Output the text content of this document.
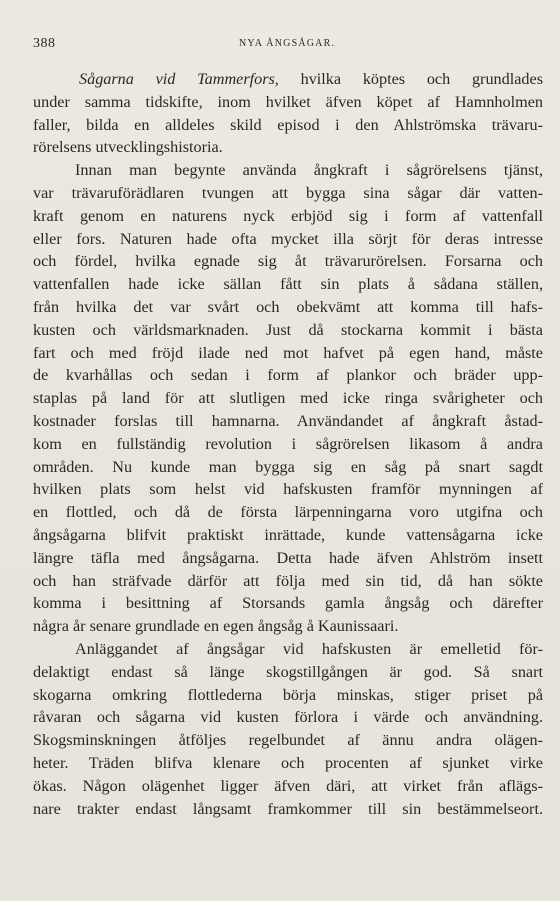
388	NYA ÅNGSÅGAR.
Sågarna vid Tammerfors, hvilka köptes och grundlades
under samma tidskifte, inom hvilket äfven köpet af Hamnholmen
faller, bilda en alldeles skild episod i den Ahlströmska trävaru-
rörelsens utvecklingshistoria.
Innan man begynte använda ångkraft i sågrörelsens tjänst,
var trävaruförädlaren tvungen att bygga sina sågar där vatten-
kraft genom en naturens nyck erbjöd sig i form af vattenfall
eller fors. Naturen hade ofta mycket illa sörjt för deras intresse
och fördel, hvilka egnade sig åt trävarurörelsen. Forsarna och
vattenfallen hade icke sällan fått sin plats å sådana ställen,
från hvilka det var svårt och obekvämt att komma till hafs-
kusten och världsmarknaden. Just då stockarna kommit i bästa
fart och med fröjd ilade ned mot hafvet på egen hand, måste
de kvarhållas och sedan i form af plankor och bräder upp-
staplas på land för att slutligen med icke ringa svårigheter och
kostnader forslas till hamnarna. Användandet af ångkraft åstad-
kom en fullständig revolution i sågrörelsen likasom å andra
områden. Nu kunde man bygga sig en såg på snart sagdt
hvilken plats som helst vid hafskusten framför mynningen af
en flottled, och då de första lärpenningarna voro utgifna och
ångsågarna blifvit praktiskt inrättade, kunde vattensågarna icke
längre täfla med ångsågarna. Detta hade äfven Ahlström insett
och han sträfvade därför att följa med sin tid, då han sökte
komma i besittning af Storsands gamla ångsåg och därefter
några år senare grundlade en egen ångsåg å Kaunissaari.
Anläggandet af ångsågar vid hafskusten är emelletid för-
delaktigt endast så länge skogstillgången är god. Så snart
skogarna omkring flottlederna börja minskas, stiger priset på
råvaran och sågarna vid kusten förlora i värde och användning.
Skogsminskningen åtföljes regelbundet af ännu andra olägen-
heter. Träden blifva klenare och procenten af sjunket virke
ökas. Någon olägenhet ligger äfven däri, att virket från aflägs-
nare trakter endast långsamt framkommer till sin bestämmelseort.
